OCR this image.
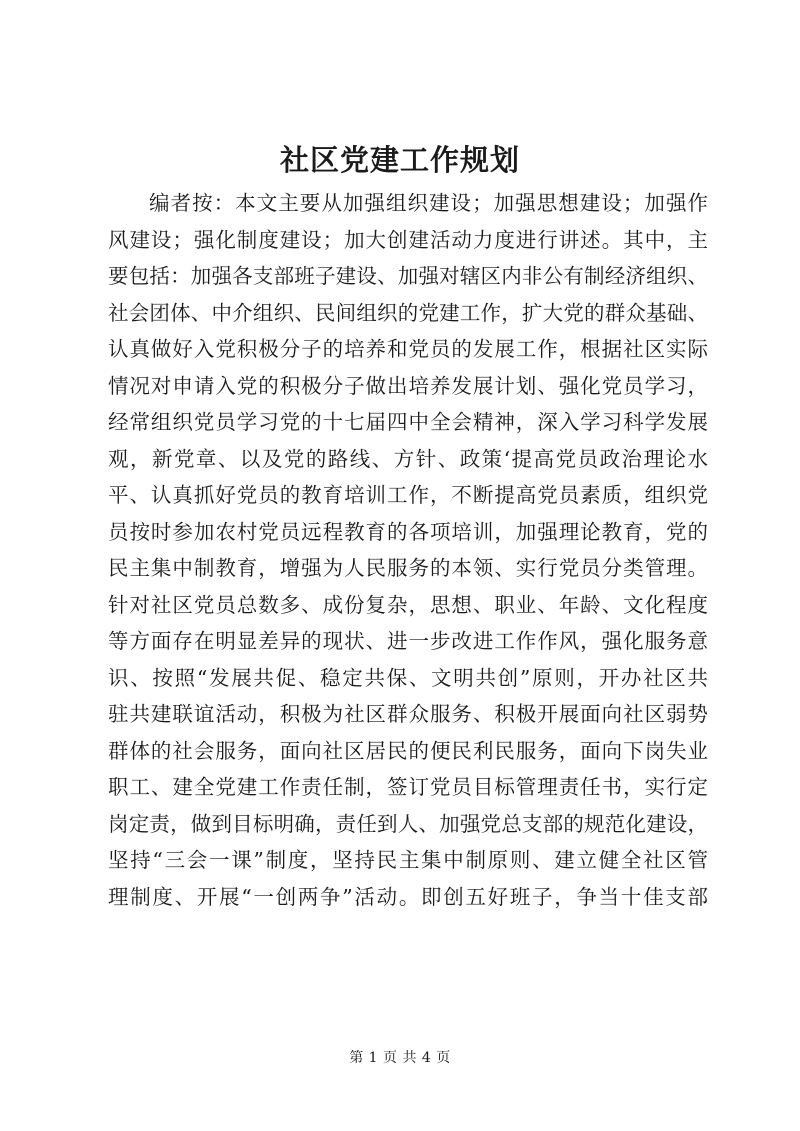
社区党建工作规划
编者按：本文主要从加强组织建设；加强思想建设；加强作
风建设；强化制度建设；加大创建活动力度进行讲述。其中，主
要包括：加强各支部班子建设、加强对辖区内非公有制经济组织、
社会团体、中介组织、民间组织的党建工作，扩大党的群众基础、
认真做好入党积极分子的培养和党员的发展工作，根据社区实际
情况对申请入党的积极分子做出培养发展计划、强化党员学习，
经常组织党员学习党的十七届四中全会精神，深入学习科学发展
观，新党章、以及党的路线、方针、政策‘提高党员政治理论水
平、认真抓好党员的教育培训工作，不断提高党员素质，组织党
员按时参加农村党员远程教育的各项培训，加强理论教育，党的
民主集中制教育，增强为人民服务的本领、实行党员分类管理。
针对社区党员总数多、成份复杂，思想、职业、年龄、文化程度
等方面存在明显差异的现状、进一步改进工作作风，强化服务意
识、按照“发展共促、稳定共保、文明共创”原则，开办社区共
驻共建联谊活动，积极为社区群众服务、积极开展面向社区弱势
群体的社会服务，面向社区居民的便民利民服务，面向下岗失业
职工、建全党建工作责任制，签订党员目标管理责任书，实行定
岗定责，做到目标明确，责任到人、加强党总支部的规范化建设，
坚持“三会一课”制度，坚持民主集中制原则、建立健全社区管
理制度、开展“一创两争”活动。即创五好班子，争当十佳支部
第 1 页 共 4 页
